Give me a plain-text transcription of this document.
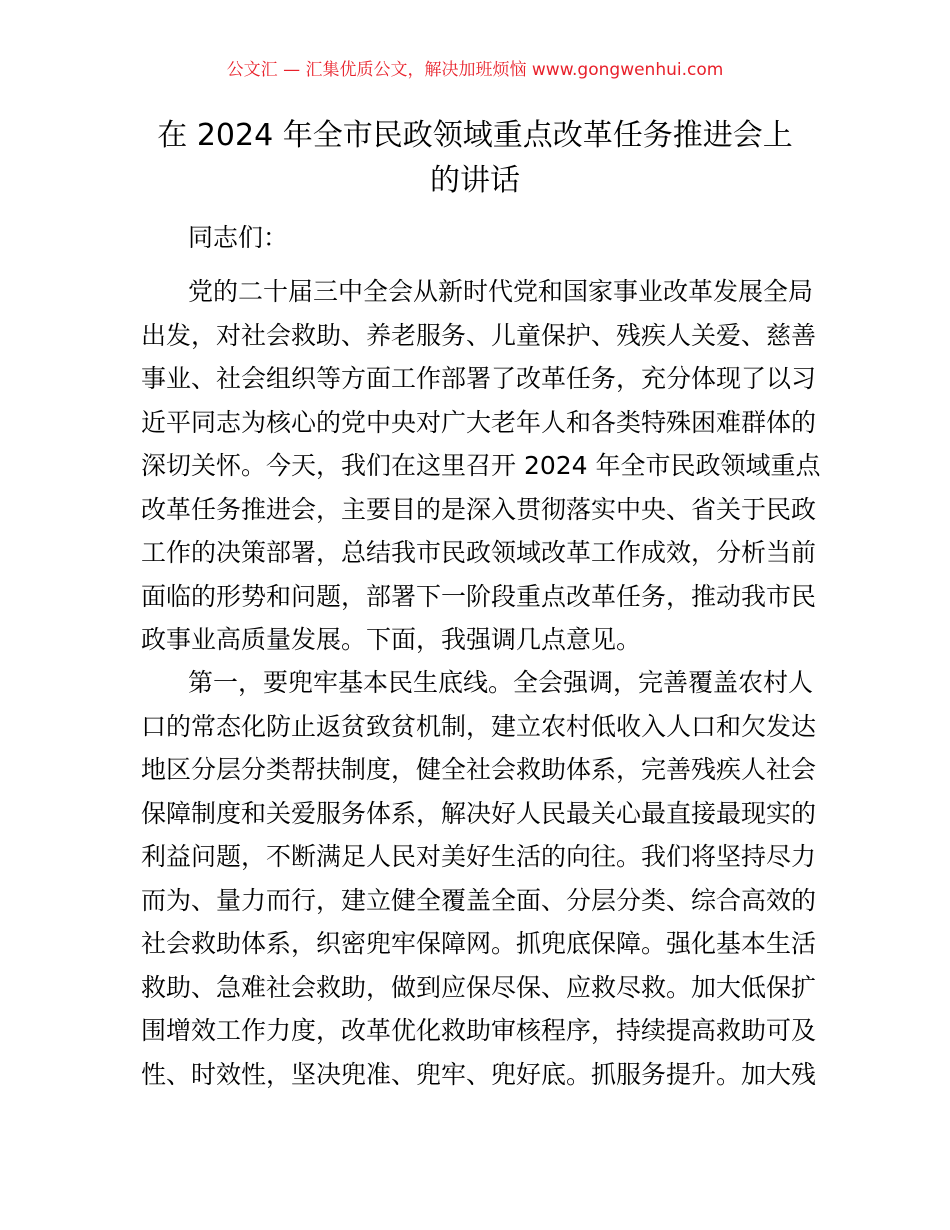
公文汇 — 汇集优质公文，解决加班烦恼 www.gongwenhui.com
在 2024 年全市民政领域重点改革任务推进会上
的讲话
同志们：
党的二十届三中全会从新时代党和国家事业改革发展全局
出发，对社会救助、养老服务、儿童保护、残疾人关爱、慈善
事业、社会组织等方面工作部署了改革任务，充分体现了以习
近平同志为核心的党中央对广大老年人和各类特殊困难群体的
深切关怀。今天，我们在这里召开 2024 年全市民政领域重点
改革任务推进会，主要目的是深入贯彻落实中央、省关于民政
工作的决策部署，总结我市民政领域改革工作成效，分析当前
面临的形势和问题，部署下一阶段重点改革任务，推动我市民
政事业高质量发展。下面，我强调几点意见。
第一，要兜牢基本民生底线。全会强调，完善覆盖农村人
口的常态化防止返贫致贫机制，建立农村低收入人口和欠发达
地区分层分类帮扶制度，健全社会救助体系，完善残疾人社会
保障制度和关爱服务体系，解决好人民最关心最直接最现实的
利益问题，不断满足人民对美好生活的向往。我们将坚持尽力
而为、量力而行，建立健全覆盖全面、分层分类、综合高效的
社会救助体系，织密兜牢保障网。抓兜底保障。强化基本生活
救助、急难社会救助，做到应保尽保、应救尽救。加大低保扩
围增效工作力度，改革优化救助审核程序，持续提高救助可及
性、时效性，坚决兜准、兜牢、兜好底。抓服务提升。加大残
